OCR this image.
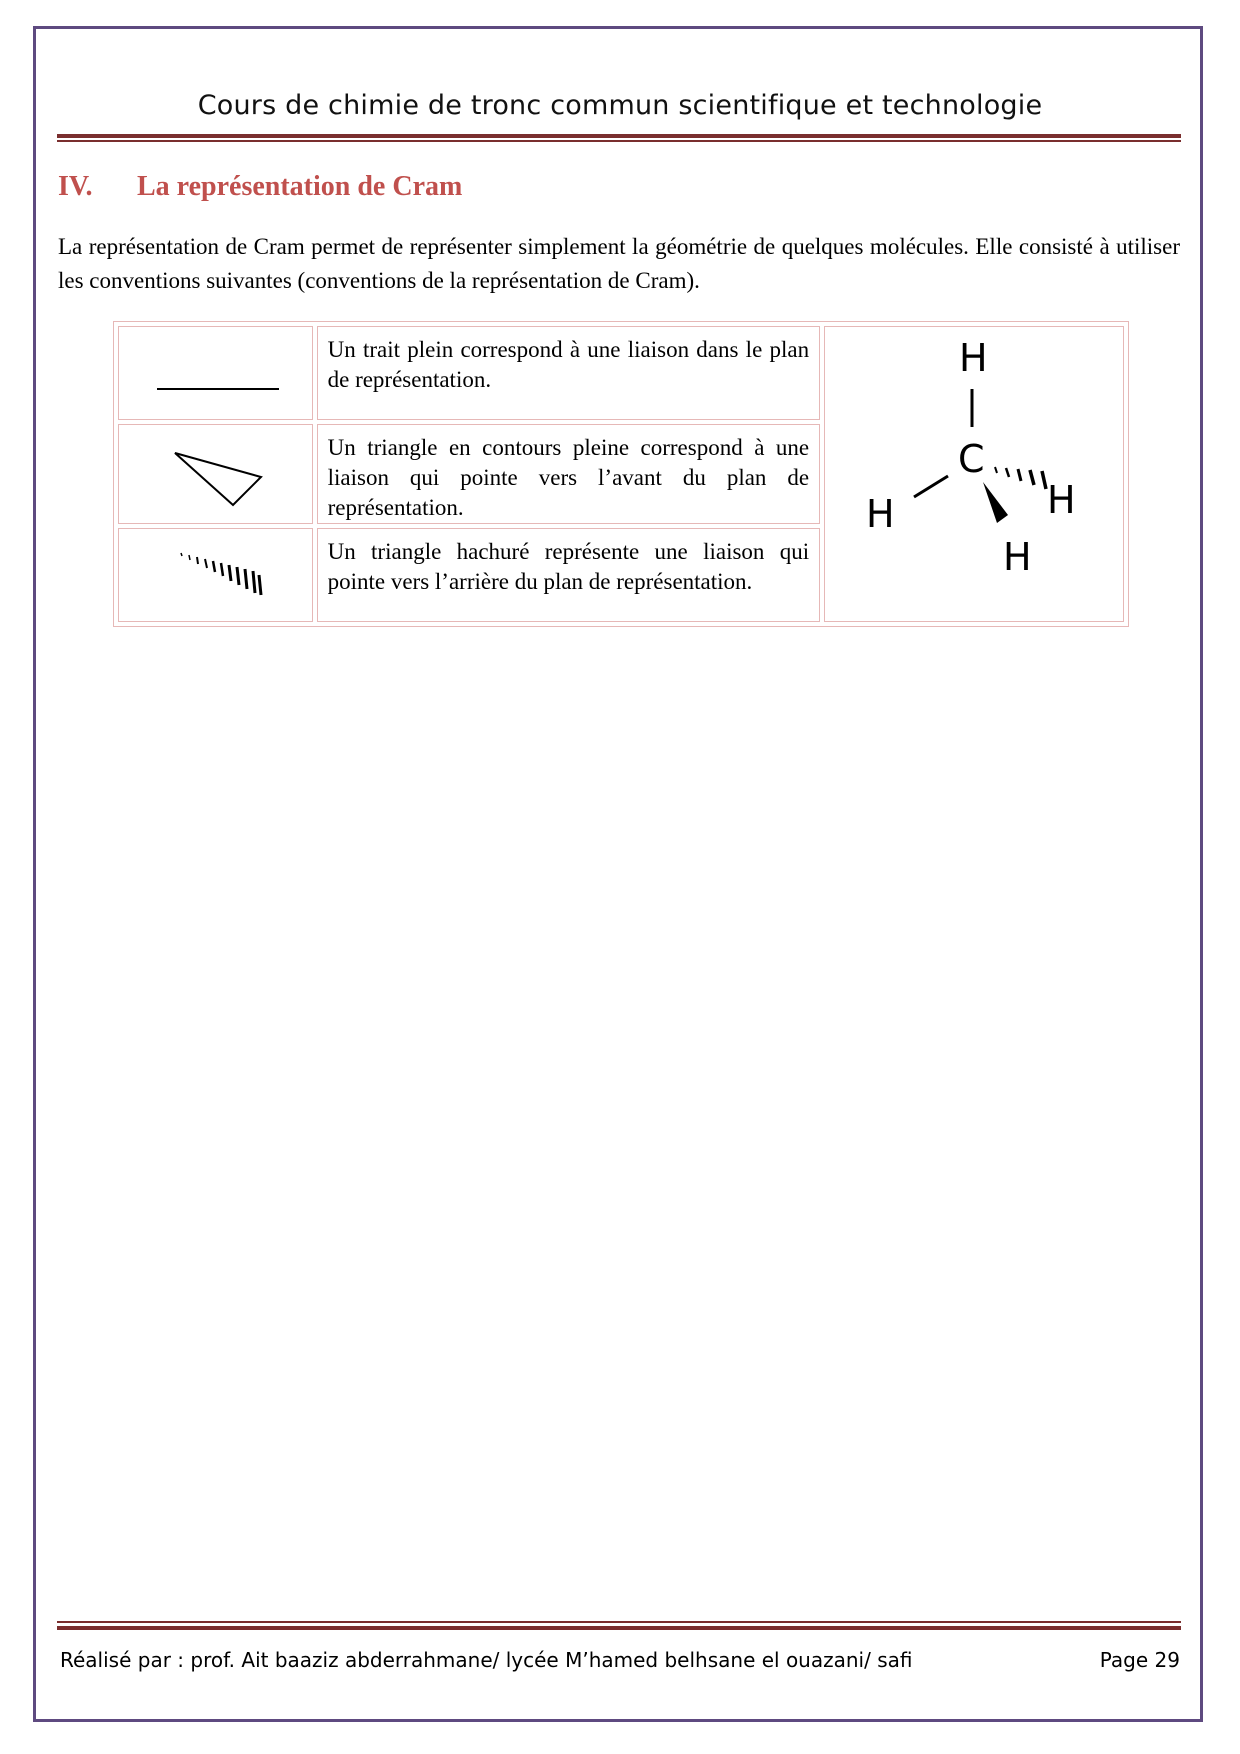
Cours de chimie de tronc commun scientifique et technologie
IV. La représentation de Cram
La représentation de Cram permet de représenter simplement la géométrie de quelques molécules. Elle consisté à utiliser les conventions suivantes (conventions de la représentation de Cram).
	Un trait plein correspond à une liaison dans le plan de représentation.	H
C
H H
H

	Un triangle en contours pleine correspond à une liaison qui pointe vers l’avant du plan de représentation.	

	Un triangle hachuré représente une liaison qui pointe vers l’arrière du plan de représentation.	
Réalisé par : prof. Ait baaziz abderrahmane/ lycée M’hamed belhsane el ouazani/ safi	Page 29
